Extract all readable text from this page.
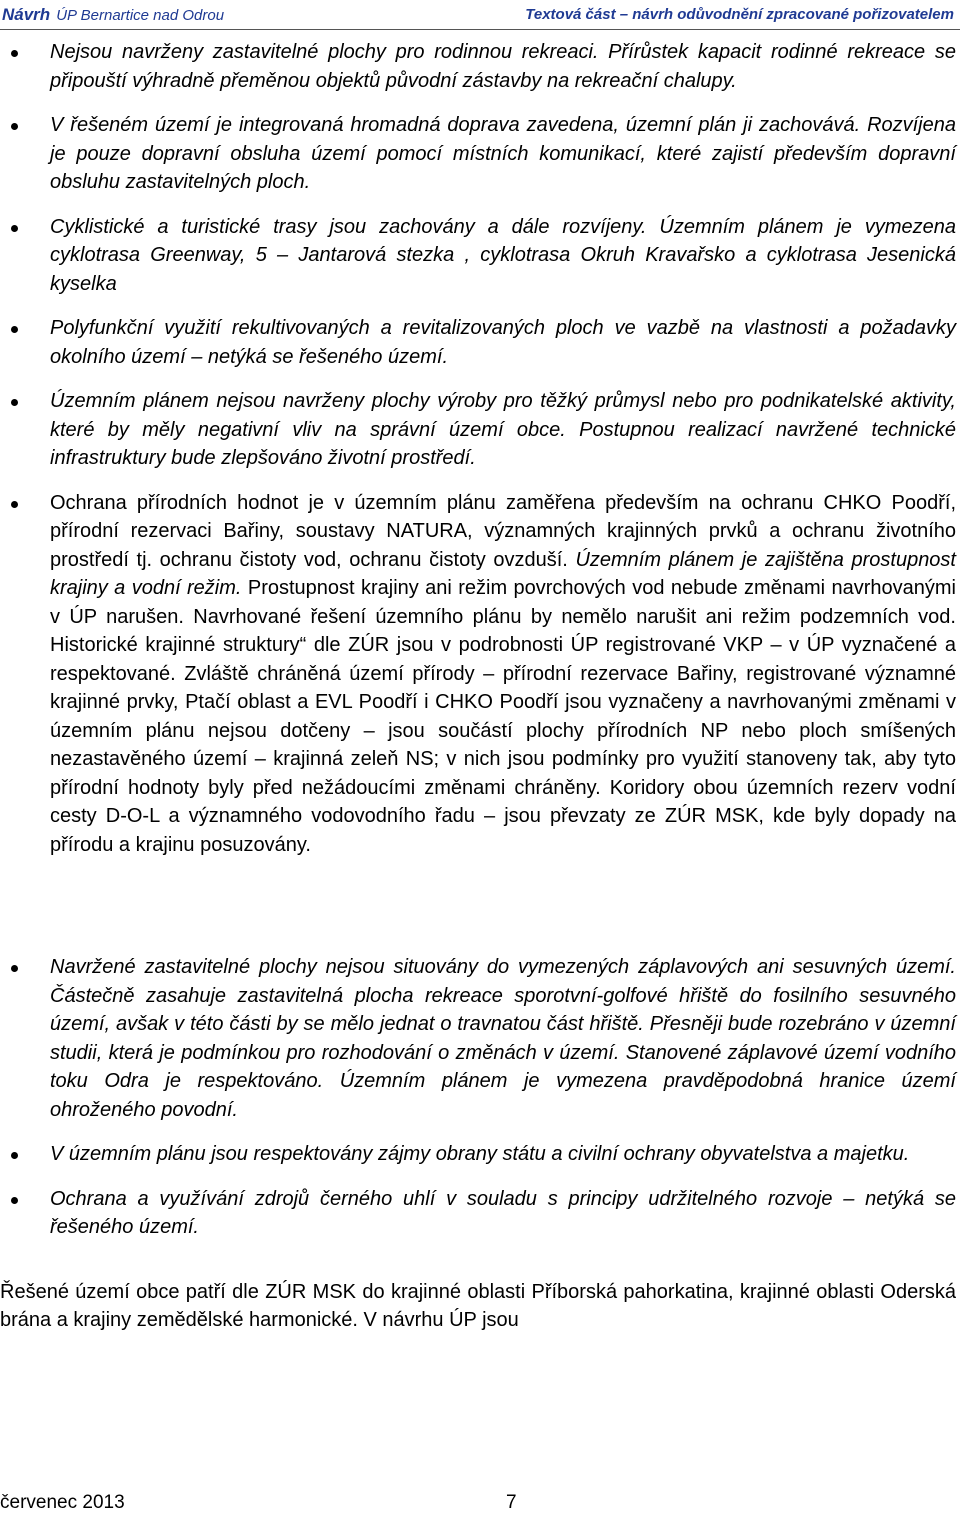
Návrh ÚP Bernartice nad Odrou	Textová část – návrh odůvodnění zpracované pořizovatelem
Nejsou navrženy zastavitelné plochy pro rodinnou rekreaci. Přírůstek kapacit rodinné rekreace se připouští výhradně přeměnou objektů původní zástavby na rekreační chalupy.
V řešeném území je integrovaná hromadná doprava zavedena, územní plán ji zachovává. Rozvíjena je pouze dopravní obsluha území pomocí místních komunikací, které zajistí především dopravní obsluhu zastavitelných ploch.
Cyklistické a turistické trasy jsou zachovány a dále rozvíjeny. Územním plánem je vymezena cyklotrasa Greenway, 5 – Jantarová stezka , cyklotrasa Okruh Kravařsko a cyklotrasa Jesenická kyselka
Polyfunkční využití rekultivovaných a revitalizovaných ploch ve vazbě na vlastnosti a požadavky okolního území – netýká se řešeného území.
Územním plánem nejsou navrženy plochy výroby pro těžký průmysl nebo pro podnikatelské aktivity, které by měly negativní vliv na správní území obce. Postupnou realizací navržené technické infrastruktury bude zlepšováno životní prostředí.
Ochrana přírodních hodnot je v územním plánu zaměřena především na ochranu CHKO Poodří, přírodní rezervaci Bařiny, soustavy NATURA, významných krajinných prvků a ochranu životního prostředí tj. ochranu čistoty vod, ochranu čistoty ovzduší. Územním plánem je zajištěna prostupnost krajiny a vodní režim. Prostupnost krajiny ani režim povrchových vod nebude změnami navrhovanými v ÚP narušen. Navrhované řešení územního plánu by nemělo narušit ani režim podzemních vod. Historické krajinné struktury“ dle ZÚR jsou v podrobnosti ÚP registrované VKP – v ÚP vyznačené a respektované. Zvláště chráněná území přírody – přírodní rezervace Bařiny, registrované významné krajinné prvky, Ptačí oblast a EVL Poodří i CHKO Poodří jsou vyznačeny a navrhovanými změnami v územním plánu nejsou dotčeny – jsou součástí plochy přírodních NP nebo ploch smíšených nezastavěného území – krajinná zeleň NS; v nich jsou podmínky pro využití stanoveny tak, aby tyto přírodní hodnoty byly před nežádoucími změnami chráněny. Koridory obou územních rezerv vodní cesty D-O-L a významného vodovodního řadu – jsou převzaty ze ZÚR MSK, kde byly dopady na přírodu a krajinu posuzovány.
Navržené zastavitelné plochy nejsou situovány do vymezených záplavových ani sesuvných území. Částečně zasahuje zastavitelná plocha rekreace sporotvní-golfové hřiště do fosilního sesuvného území, avšak v této části by se mělo jednat o travnatou část hřiště. Přesněji bude rozebráno v územní studii, která je podmínkou pro rozhodování o změnách v území. Stanovené záplavové území vodního toku Odra je respektováno. Územním plánem je vymezena pravděpodobná hranice území ohroženého povodní.
V územním plánu jsou respektovány zájmy obrany státu a civilní ochrany obyvatelstva a majetku.
Ochrana a využívání zdrojů černého uhlí v souladu s principy udržitelného rozvoje – netýká se řešeného území.

Řešené území obce patří dle ZÚR MSK do krajinné oblasti Příborská pahorkatina, krajinné oblasti Oderská brána a krajiny zemědělské harmonické. V návrhu ÚP jsou

červenec 2013	7
